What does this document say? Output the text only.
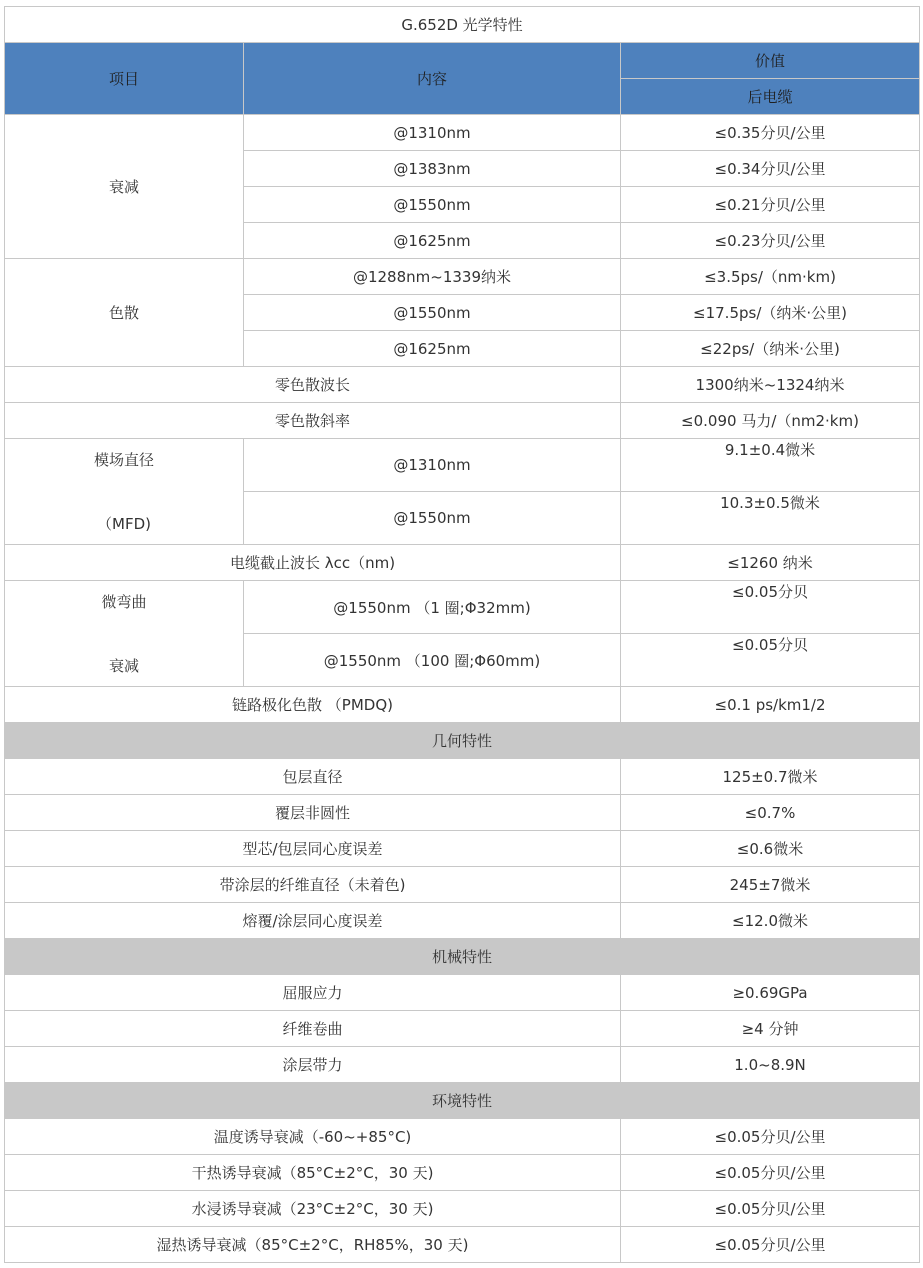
G.652D 光学特性		
项目	内容	价值
		后电缆
衰减	@1310nm	≤0.35分贝/公里
	@1383nm	≤0.34分贝/公里
	@1550nm	≤0.21分贝/公里
	@1625nm	≤0.23分贝/公里
色散	@1288nm~1339纳米	≤3.5ps/（nm·km)
	@1550nm	≤17.5ps/（纳米·公里)
	@1625nm	≤22ps/（纳米·公里)
零色散波长		1300纳米~1324纳米
零色散斜率		≤0.090 马力/（nm2·km)

模场直径
（MFD)	@1310nm	9.1±0.4微米
	@1550nm	10.3±0.5微米
电缆截止波长 λcc（nm)		≤1260 纳米

微弯曲
衰减	@1550nm （1 圈;Φ32mm)	≤0.05分贝
	@1550nm （100 圈;Φ60mm)	≤0.05分贝
链路极化色散 （PMDQ)		≤0.1 ps/km1/2
几何特性		
包层直径		125±0.7微米
覆层非圆性		≤0.7%
型芯/包层同心度误差		≤0.6微米
带涂层的纤维直径（未着色)		245±7微米
熔覆/涂层同心度误差		≤12.0微米
机械特性		
屈服应力		≥0.69GPa
纤维卷曲		≥4 分钟
涂层带力		1.0~8.9N
环境特性		
温度诱导衰减（-60~+85°C)		≤0.05分贝/公里
干热诱导衰减（85°C±2°C，30 天)		≤0.05分贝/公里
水浸诱导衰减（23°C±2°C，30 天)		≤0.05分贝/公里
湿热诱导衰减（85°C±2°C，RH85%，30 天)		≤0.05分贝/公里
